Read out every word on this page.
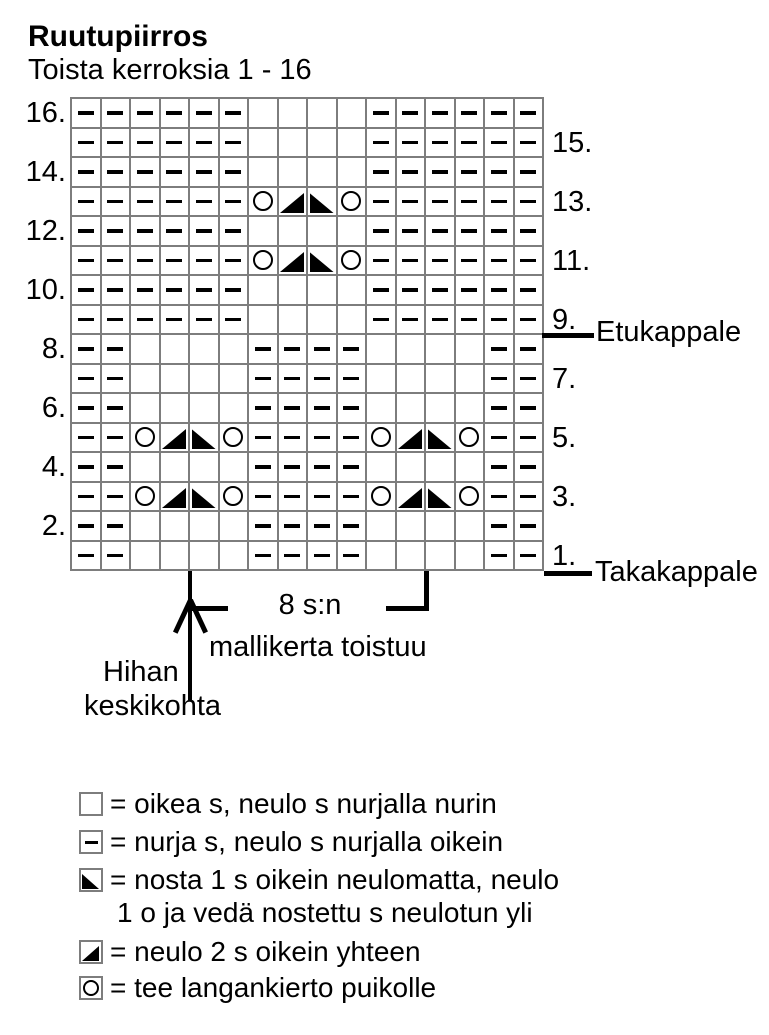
Ruutupiirros
Toista kerroksia 1 - 16
Etukappale
Takakappale
8 s:n
mallikerta toistuu
Hihan
keskikohta
= oikea s, neulo s nurjalla nurin
= nurja s, neulo s nurjalla oikein
= nosta 1 s oikein neulomatta, neulo
1 o ja vedä nostettu s neulotun yli
= neulo 2 s oikein yhteen
= tee langankierto puikolle
16.
14.
12.
10.
8.
6.
4.
2.
15.
13.
11.
9.
7.
5.
3.
1.
